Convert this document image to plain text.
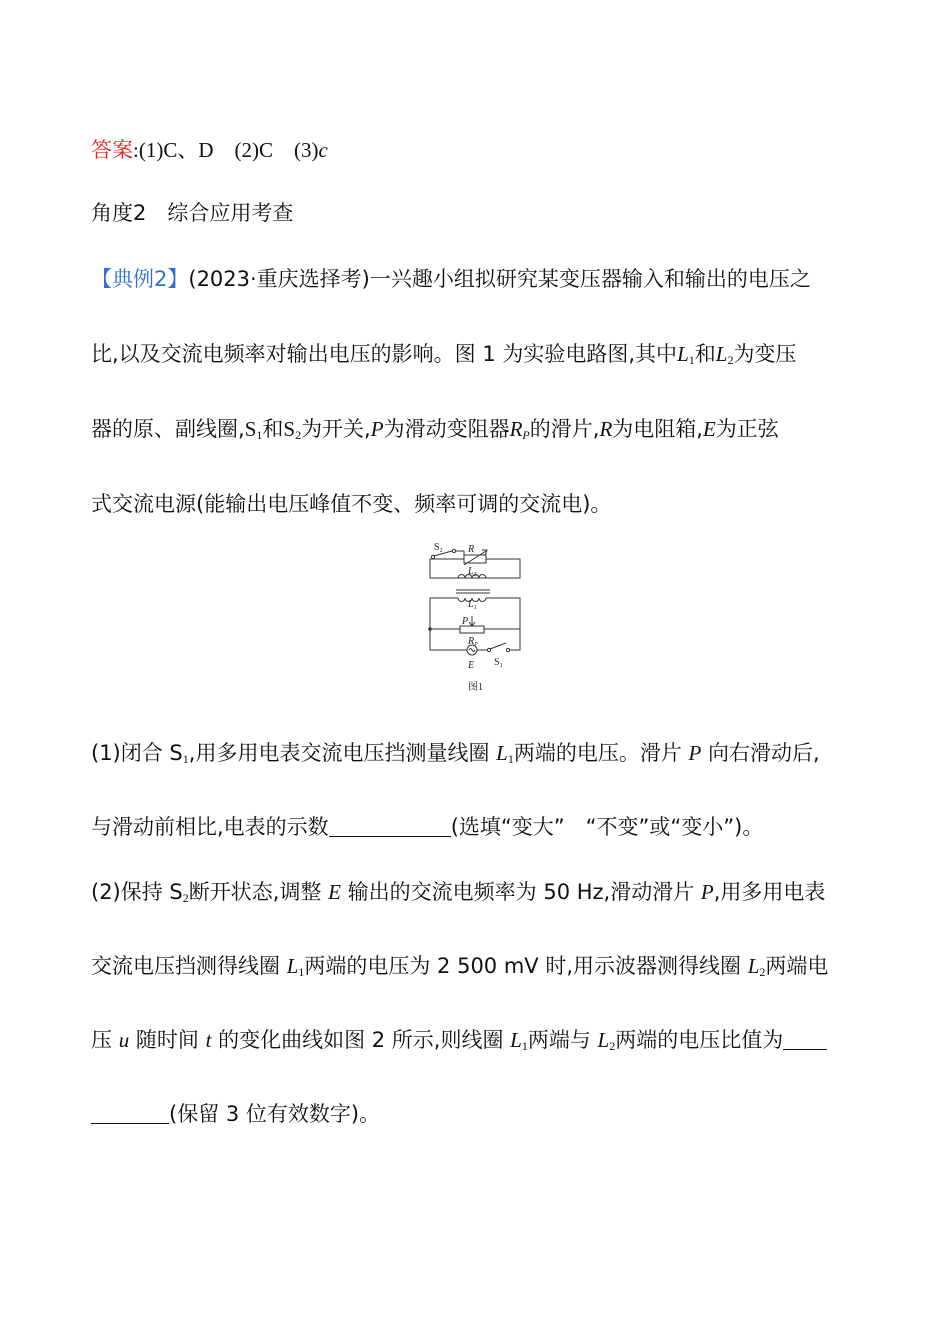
答案:(1)C、D　(2)C　(3)c
角度2　综合应用考查
【典例2】(2023·重庆选择考)一兴趣小组拟研究某变压器输入和输出的电压之
比,以及交流电频率对输出电压的影响。图 1 为实验电路图,其中$L_1$和$L_2$为变压
器的原、副线圈$,S_1$和$S_2$为开关,P为滑动变阻器$R_P$的滑片,R为电阻箱,E为正弦
式交流电源(能输出电压峰值不变、频率可调的交流电)。
$S_2$	R
$L_2$
$L_1$
P
$R_P$
E $S_1$
图1
(1)闭合 $S_1$,用多用电表交流电压挡测量线圈 $L_1$两端的电压。滑片 P 向右滑动后,
与滑动前相比,电表的示数	(选填“变大”　“不变”或“变小”)。
(2)保持 $S_2$断开状态,调整 E 输出的交流电频率为 50 Hz,滑动滑片 P,用多用电表
交流电压挡测得线圈 $L_1$两端的电压为 2 500 mV 时,用示波器测得线圈 $L_2$两端电
压 u 随时间 t 的变化曲线如图 2 所示,则线圈 $L_1$两端与 $L_2$两端的电压比值为
(保留 3 位有效数字)。
